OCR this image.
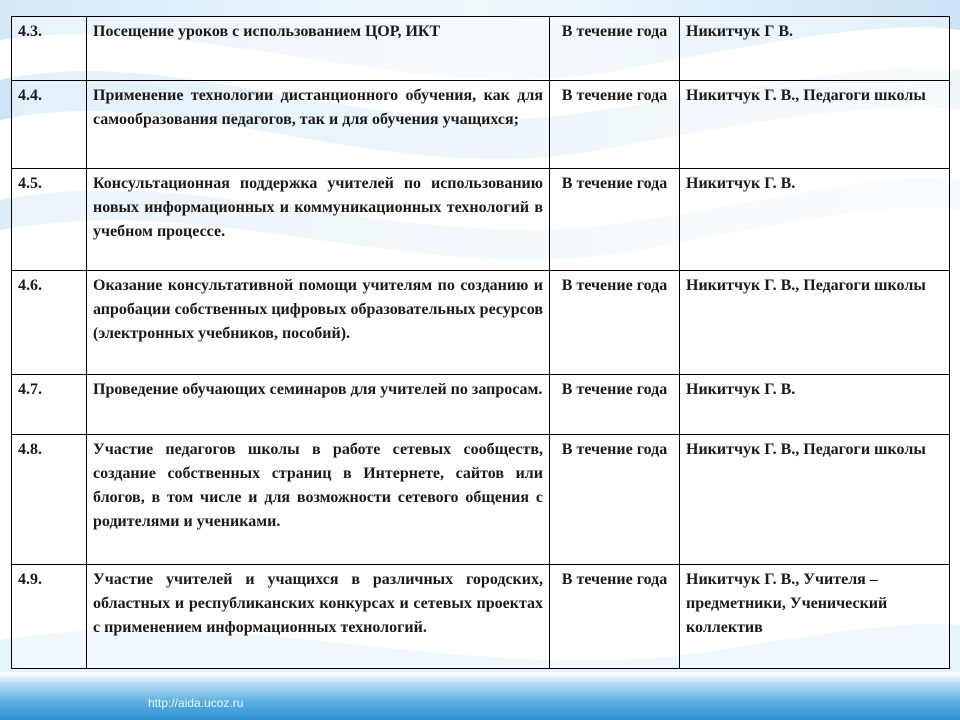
http://aida.ucoz.ru
4.3.	Посещение уроков с использованием ЦОР, ИКТ	В течение года	Никитчук Г В.
4.4.	Применение технологии дистанционного обучения, как для самообразования педагогов, так и для обучения учащихся;	В течение года	Никитчук Г. В., Педагоги школы
4.5.	Консультационная поддержка учителей по использованию новых информационных и коммуникационных технологий в учебном процессе.	В течение года	Никитчук Г. В.
4.6.	Оказание консультативной помощи учителям по созданию и апробации собственных цифровых образовательных ресурсов (электронных учебников, пособий).	В течение года	Никитчук Г. В., Педагоги школы
4.7.	Проведение обучающих семинаров для учителей по запросам.	В течение года	Никитчук Г. В.
4.8.	Участие педагогов школы в работе сетевых сообществ, создание собственных страниц в Интернете, сайтов или блогов, в том числе и для возможности сетевого общения с родителями и учениками.	В течение года	Никитчук Г. В., Педагоги школы
4.9.	Участие учителей и учащихся в различных городских, областных и республиканских конкурсах и сетевых проектах с применением информационных технологий.	В течение года	Никитчук Г. В., Учителя – предметники, Ученический коллектив
